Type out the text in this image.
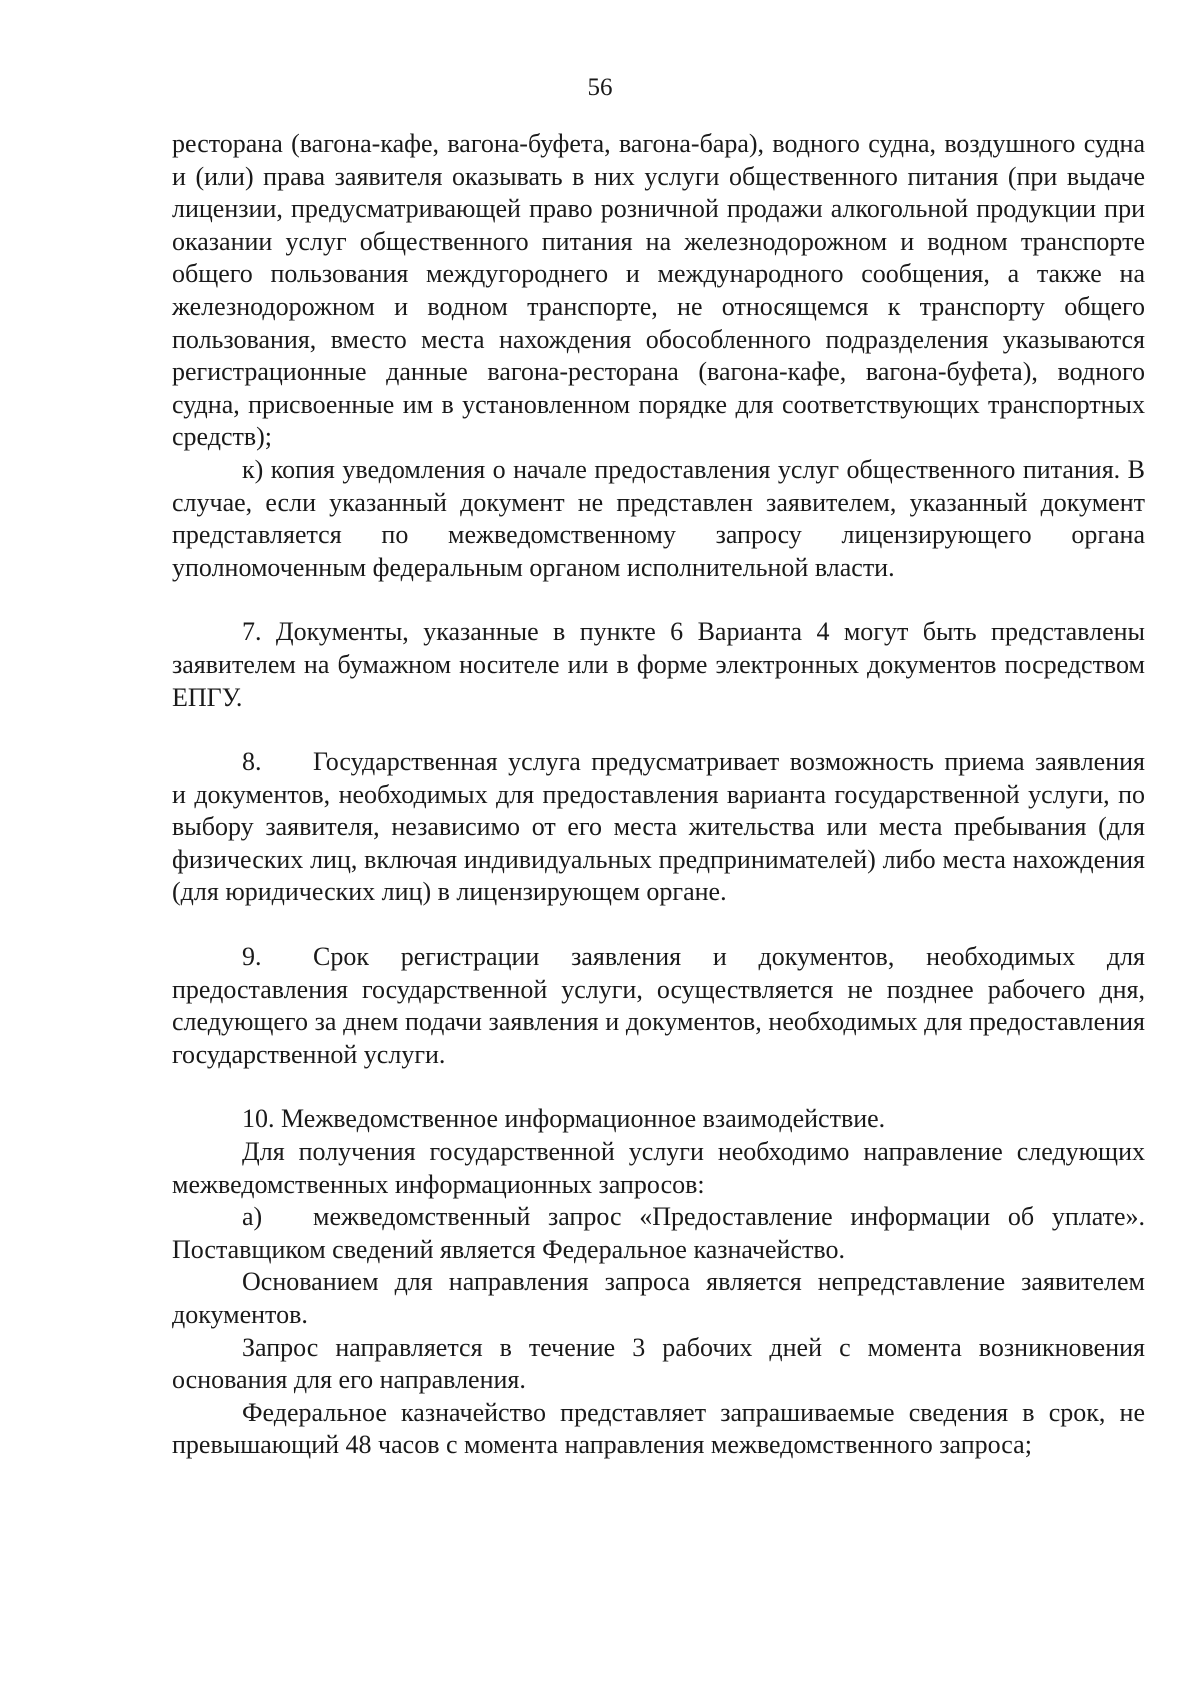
56

ресторана (вагона-кафе, вагона-буфета, вагона-бара), водного судна, воздушного судна и (или) права заявителя оказывать в них услуги общественного питания (при выдаче лицензии, предусматривающей право розничной продажи алкогольной продукции при оказании услуг общественного питания на железнодорожном и водном транспорте общего пользования междугороднего и международного сообщения, а также на железнодорожном и водном транспорте, не относящемся к транспорту общего пользования, вместо места нахождения обособленного подразделения указываются регистрационные данные вагона-ресторана (вагона-кафе, вагона-буфета), водного судна, присвоенные им в установленном порядке для соответствующих транспортных средств);

к) копия уведомления о начале предоставления услуг общественного питания. В случае, если указанный документ не представлен заявителем, указанный документ представляется по межведомственному запросу лицензирующего органа уполномоченным федеральным органом исполнительной власти.

7. Документы, указанные в пункте 6 Варианта 4 могут быть представлены заявителем на бумажном носителе или в форме электронных документов посредством ЕПГУ.

8. Государственная услуга предусматривает возможность приема заявления и документов, необходимых для предоставления варианта государственной услуги, по выбору заявителя, независимо от его места жительства или места пребывания (для физических лиц, включая индивидуальных предпринимателей) либо места нахождения (для юридических лиц) в лицензирующем органе.

9. Срок регистрации заявления и документов, необходимых для предоставления государственной услуги, осуществляется не позднее рабочего дня, следующего за днем подачи заявления и документов, необходимых для предоставления государственной услуги.

10. Межведомственное информационное взаимодействие.

Для получения государственной услуги необходимо направление следующих межведомственных информационных запросов:

а) межведомственный запрос «Предоставление информации об уплате». Поставщиком сведений является Федеральное казначейство.

Основанием для направления запроса является непредставление заявителем документов.

Запрос направляется в течение 3 рабочих дней с момента возникновения основания для его направления.

Федеральное казначейство представляет запрашиваемые сведения в срок, не превышающий 48 часов с момента направления межведомственного запроса;
